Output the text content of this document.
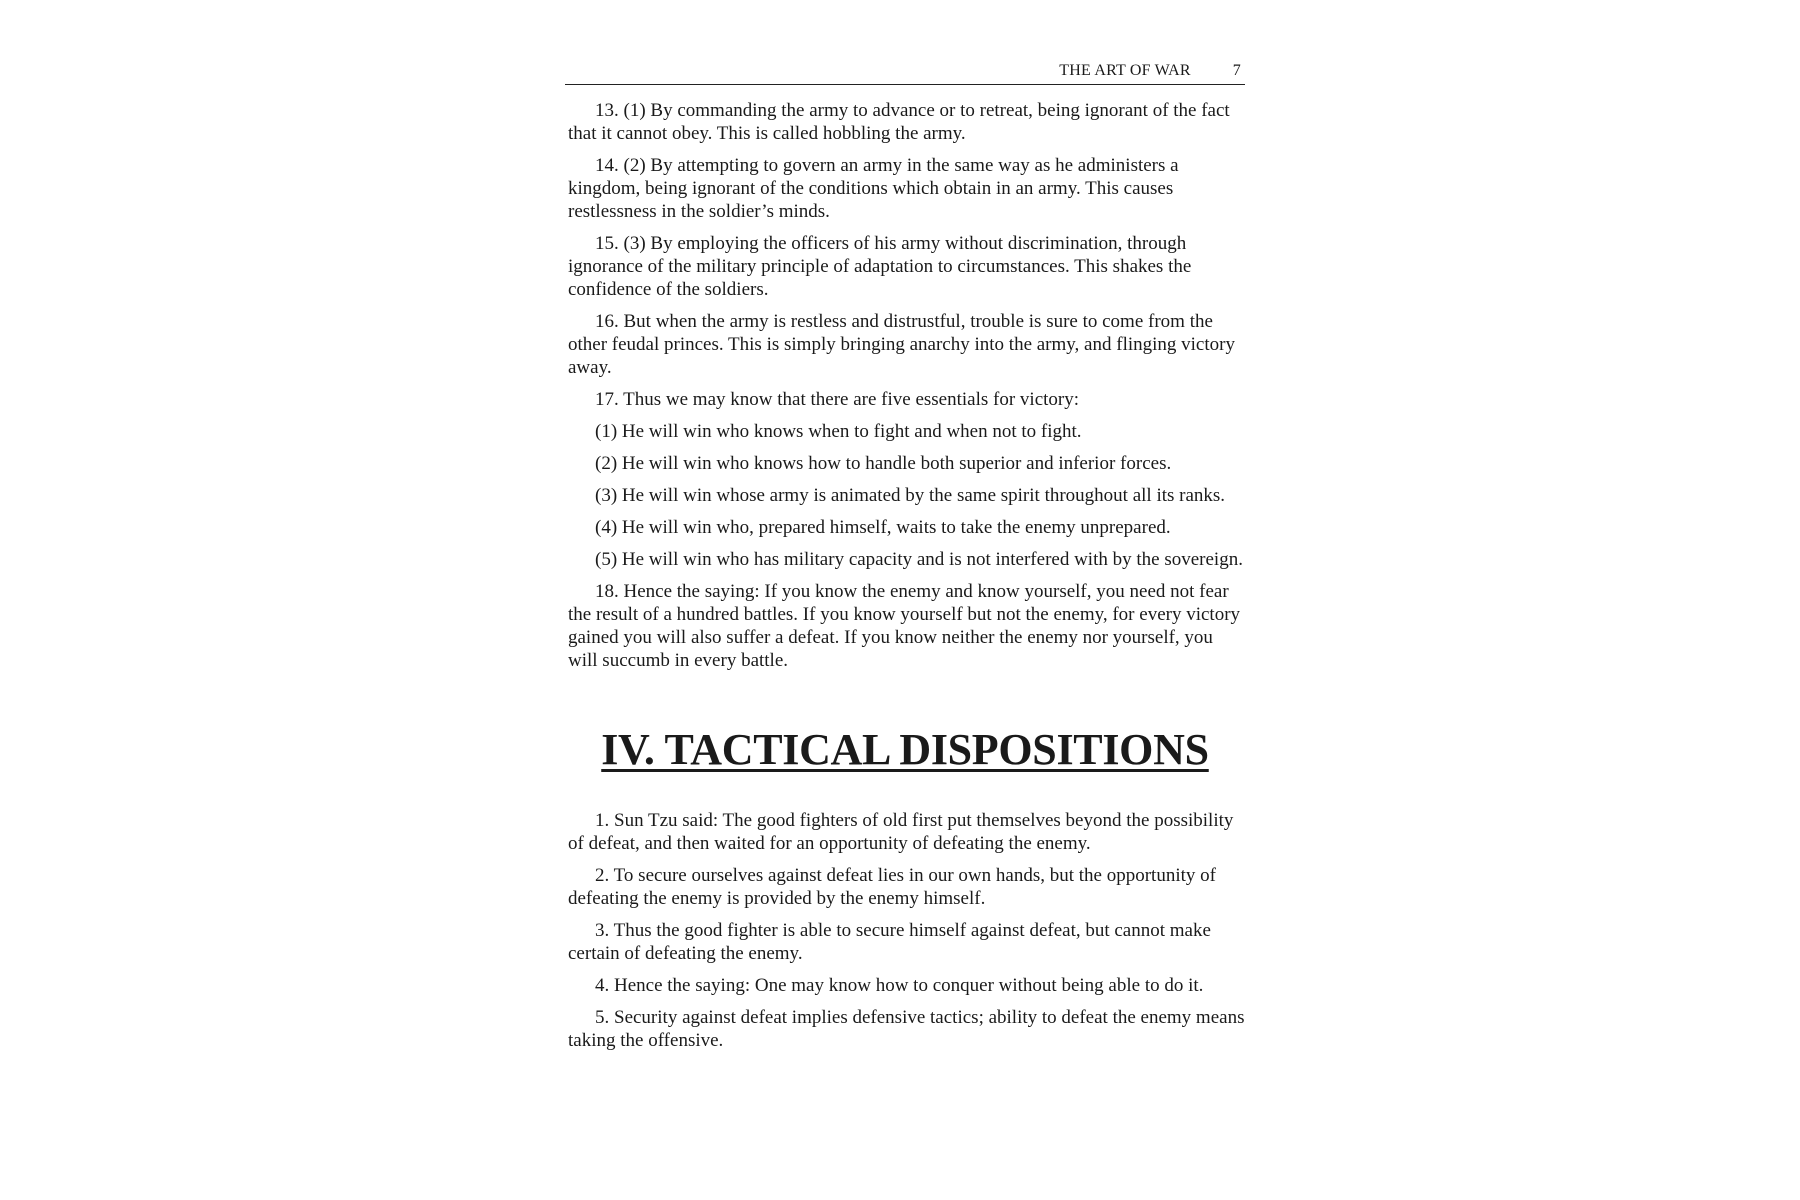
THE ART OF WAR	7

13. (1) By commanding the army to advance or to retreat, being ignorant of the fact that it cannot obey. This is called hobbling the army.

14. (2) By attempting to govern an army in the same way as he administers a kingdom, being ignorant of the conditions which obtain in an army. This causes restlessness in the soldier’s minds.

15. (3) By employing the officers of his army without discrimination, through ignorance of the military principle of adaptation to circumstances. This shakes the confidence of the soldiers.

16. But when the army is restless and distrustful, trouble is sure to come from the other feudal princes. This is simply bringing anarchy into the army, and flinging victory away.

17. Thus we may know that there are five essentials for victory:

(1) He will win who knows when to fight and when not to fight.

(2) He will win who knows how to handle both superior and inferior forces.

(3) He will win whose army is animated by the same spirit throughout all its ranks.

(4) He will win who, prepared himself, waits to take the enemy unprepared.

(5) He will win who has military capacity and is not interfered with by the sovereign.

18. Hence the saying: If you know the enemy and know yourself, you need not fear the result of a hundred battles. If you know yourself but not the enemy, for every victory gained you will also suffer a defeat. If you know neither the enemy nor yourself, you will succumb in every battle.

IV. TACTICAL DISPOSITIONS

1. Sun Tzu said: The good fighters of old first put themselves beyond the possibility of defeat, and then waited for an opportunity of defeating the enemy.

2. To secure ourselves against defeat lies in our own hands, but the opportunity of defeating the enemy is provided by the enemy himself.

3. Thus the good fighter is able to secure himself against defeat, but cannot make certain of defeating the enemy.

4. Hence the saying: One may know how to conquer without being able to do it.

5. Security against defeat implies defensive tactics; ability to defeat the enemy means taking the offensive.
